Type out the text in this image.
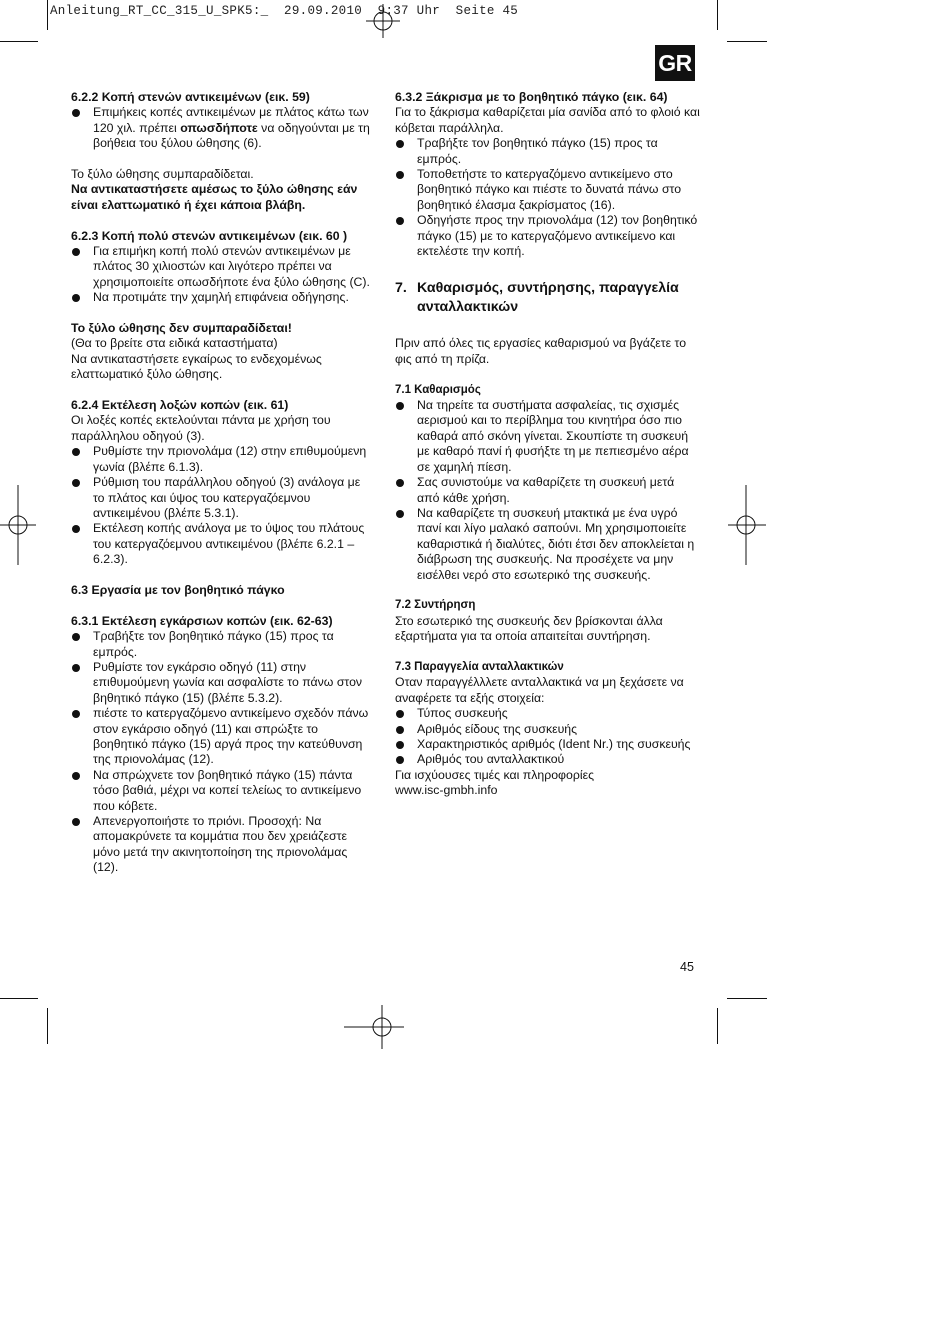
Anleitung_RT_CC_315_U_SPK5:_  29.09.2010  9:37 Uhr  Seite 45
GR
6.2.2 Κοπή στενών αντικειμένων (εικ. 59)
Επιμήκεις κοπές αντικειμένων με πλάτος κάτω των 120 χιλ. πρέπει οπωσδήποτε να οδηγούνται με τη βοήθεια του ξύλου ώθησης (6).

Το ξύλο ώθησης συμπαραδίδεται.

Να αντικαταστήσετε αμέσως το ξύλο ώθησης εάν είναι ελαττωματικό ή έχει κάποια βλάβη.

6.2.3 Κοπή πολύ στενών αντικειμένων (εικ. 60 )
Για επιμήκη κοπή πολύ στενών αντικειμένων με πλάτος 30 χιλιοστών και λιγότερο πρέπει να χρησιμοποιείτε οπωσδήποτε ένα ξύλο ώθησης (C).
Να προτιμάτε την χαμηλή επιφάνεια οδήγησης.

Το ξύλο ώθησης δεν συμπαραδίδεται!

(Θα το βρείτε στα ειδικά καταστήματα)

Να αντικαταστήσετε εγκαίρως το ενδεχομένως ελαττωματικό ξύλο ώθησης.

6.2.4 Εκτέλεση λοξών κοπών (εικ. 61)

Οι λοξές κοπές εκτελούνται πάντα με χρήση του παράλληλου οδηγού (3).

Ρυθμίστε την πριονολάμα (12) στην επιθυμούμενη γωνία (βλέπε 6.1.3).
Ρύθμιση του παράλληλου οδηγού (3) ανάλογα με το πλάτος και ύψος του κατεργαζόεμνου αντικειμένου (βλέπε 5.3.1).
Εκτέλεση κοπής ανάλογα με το ύψος του πλάτους του κατεργαζόεμνου αντικειμένου (βλέπε 6.2.1 – 6.2.3).
6.3 Εργασία με τον βοηθητικό πάγκο
6.3.1 Εκτέλεση εγκάρσιων κοπών (εικ. 62-63)
Τραβήξτε τον βοηθητικό πάγκο (15) προς τα εμπρός.
Ρυθμίστε τον εγκάρσιο οδηγό (11) στην επιθυμούμενη γωνία και ασφαλίστε το πάνω στον βηθητικό πάγκο (15) (βλέπε 5.3.2).
πιέστε το κατεργαζόμενο αντικείμενο σχεδόν πάνω στον εγκάρσιο οδηγό (11) και σπρώξτε το βοηθητικό πάγκο (15) αργά προς την κατεύθυνση της πριονολάμας (12).
Να σπρώχνετε τον βοηθητικό πάγκο (15) πάντα τόσο βαθιά, μέχρι να κοπεί τελείως το αντικείμενο που κόβετε.
Απενεργοποιήστε το πριόνι. Προσοχή: Να απομακρύνετε τα κομμάτια που δεν χρειάζεστε μόνο μετά την ακινητοποίηση της πριονολάμας (12).
6.3.2 Ξάκρισμα με το βοηθητικό πάγκο (εικ. 64)

Για το ξάκρισμα καθαρίζεται μία σανίδα από το φλοιό και κόβεται παράλληλα.

Τραβήξτε τον βοηθητικό πάγκο (15) προς τα εμπρός.
Τοποθετήστε το κατεργαζόμενο αντικείμενο στο βοηθητικό πάγκο και πιέστε το δυνατά πάνω στο βοηθητικό έλασμα ξακρίσματος (16).
Οδηγήστε προς την πριονολάμα (12) τον βοηθητικό πάγκο (15) με το κατεργαζόμενο αντικείμενο και εκτελέστε την κοπή.
7. Καθαρισμός, συντήρησης, παραγγελία ανταλλακτικών

Πριν από όλες τις εργασίες καθαρισμού να βγάζετε το φις από τη πρίζα.

7.1 Καθαρισμός
Να τηρείτε τα συστήματα ασφαλείας, τις σχισμές αερισμού και το περίβλημα του κινητήρα όσο πιο καθαρά από σκόνη γίνεται. Σκουπίστε τη συσκευή με καθαρό πανί ή φυσήξτε τη με πεπιεσμένο αέρα σε χαμηλή πίεση.
Σας συνιστούμε να καθαρίζετε τη συσκευή μετά από κάθε χρήση.
Να καθαρίζετε τη συσκευή μτακτικά με ένα υγρό πανί και λίγο μαλακό σαπούνι. Μη χρησιμοποιείτε καθαριστικά ή διαλύτες, διότι έτσι δεν αποκλείεται η διάβρωση της συσκευής. Να προσέχετε να μην εισέλθει νερό στο εσωτερικό της συσκευής.
7.2 Συντήρηση

Στο εσωτερικό της συσκευής δεν βρίσκονται άλλα εξαρτήματα για τα οποία απαιτείται συντήρηση.

7.3 Παραγγελία ανταλλακτικών

Οταν παραγγέλλλετε ανταλλακτικά να μη ξεχάσετε να αναφέρετε τα εξής στοιχεία:

Τύπος συσκευής
Αριθμός είδους της συσκευής
Χαρακτηριστικός αριθμός (Ident Nr.) της συσκευής
Αριθμός του ανταλλακτικού

Για ισχύουσες τιμές και πληροφορίες

www.isc-gmbh.info

45
